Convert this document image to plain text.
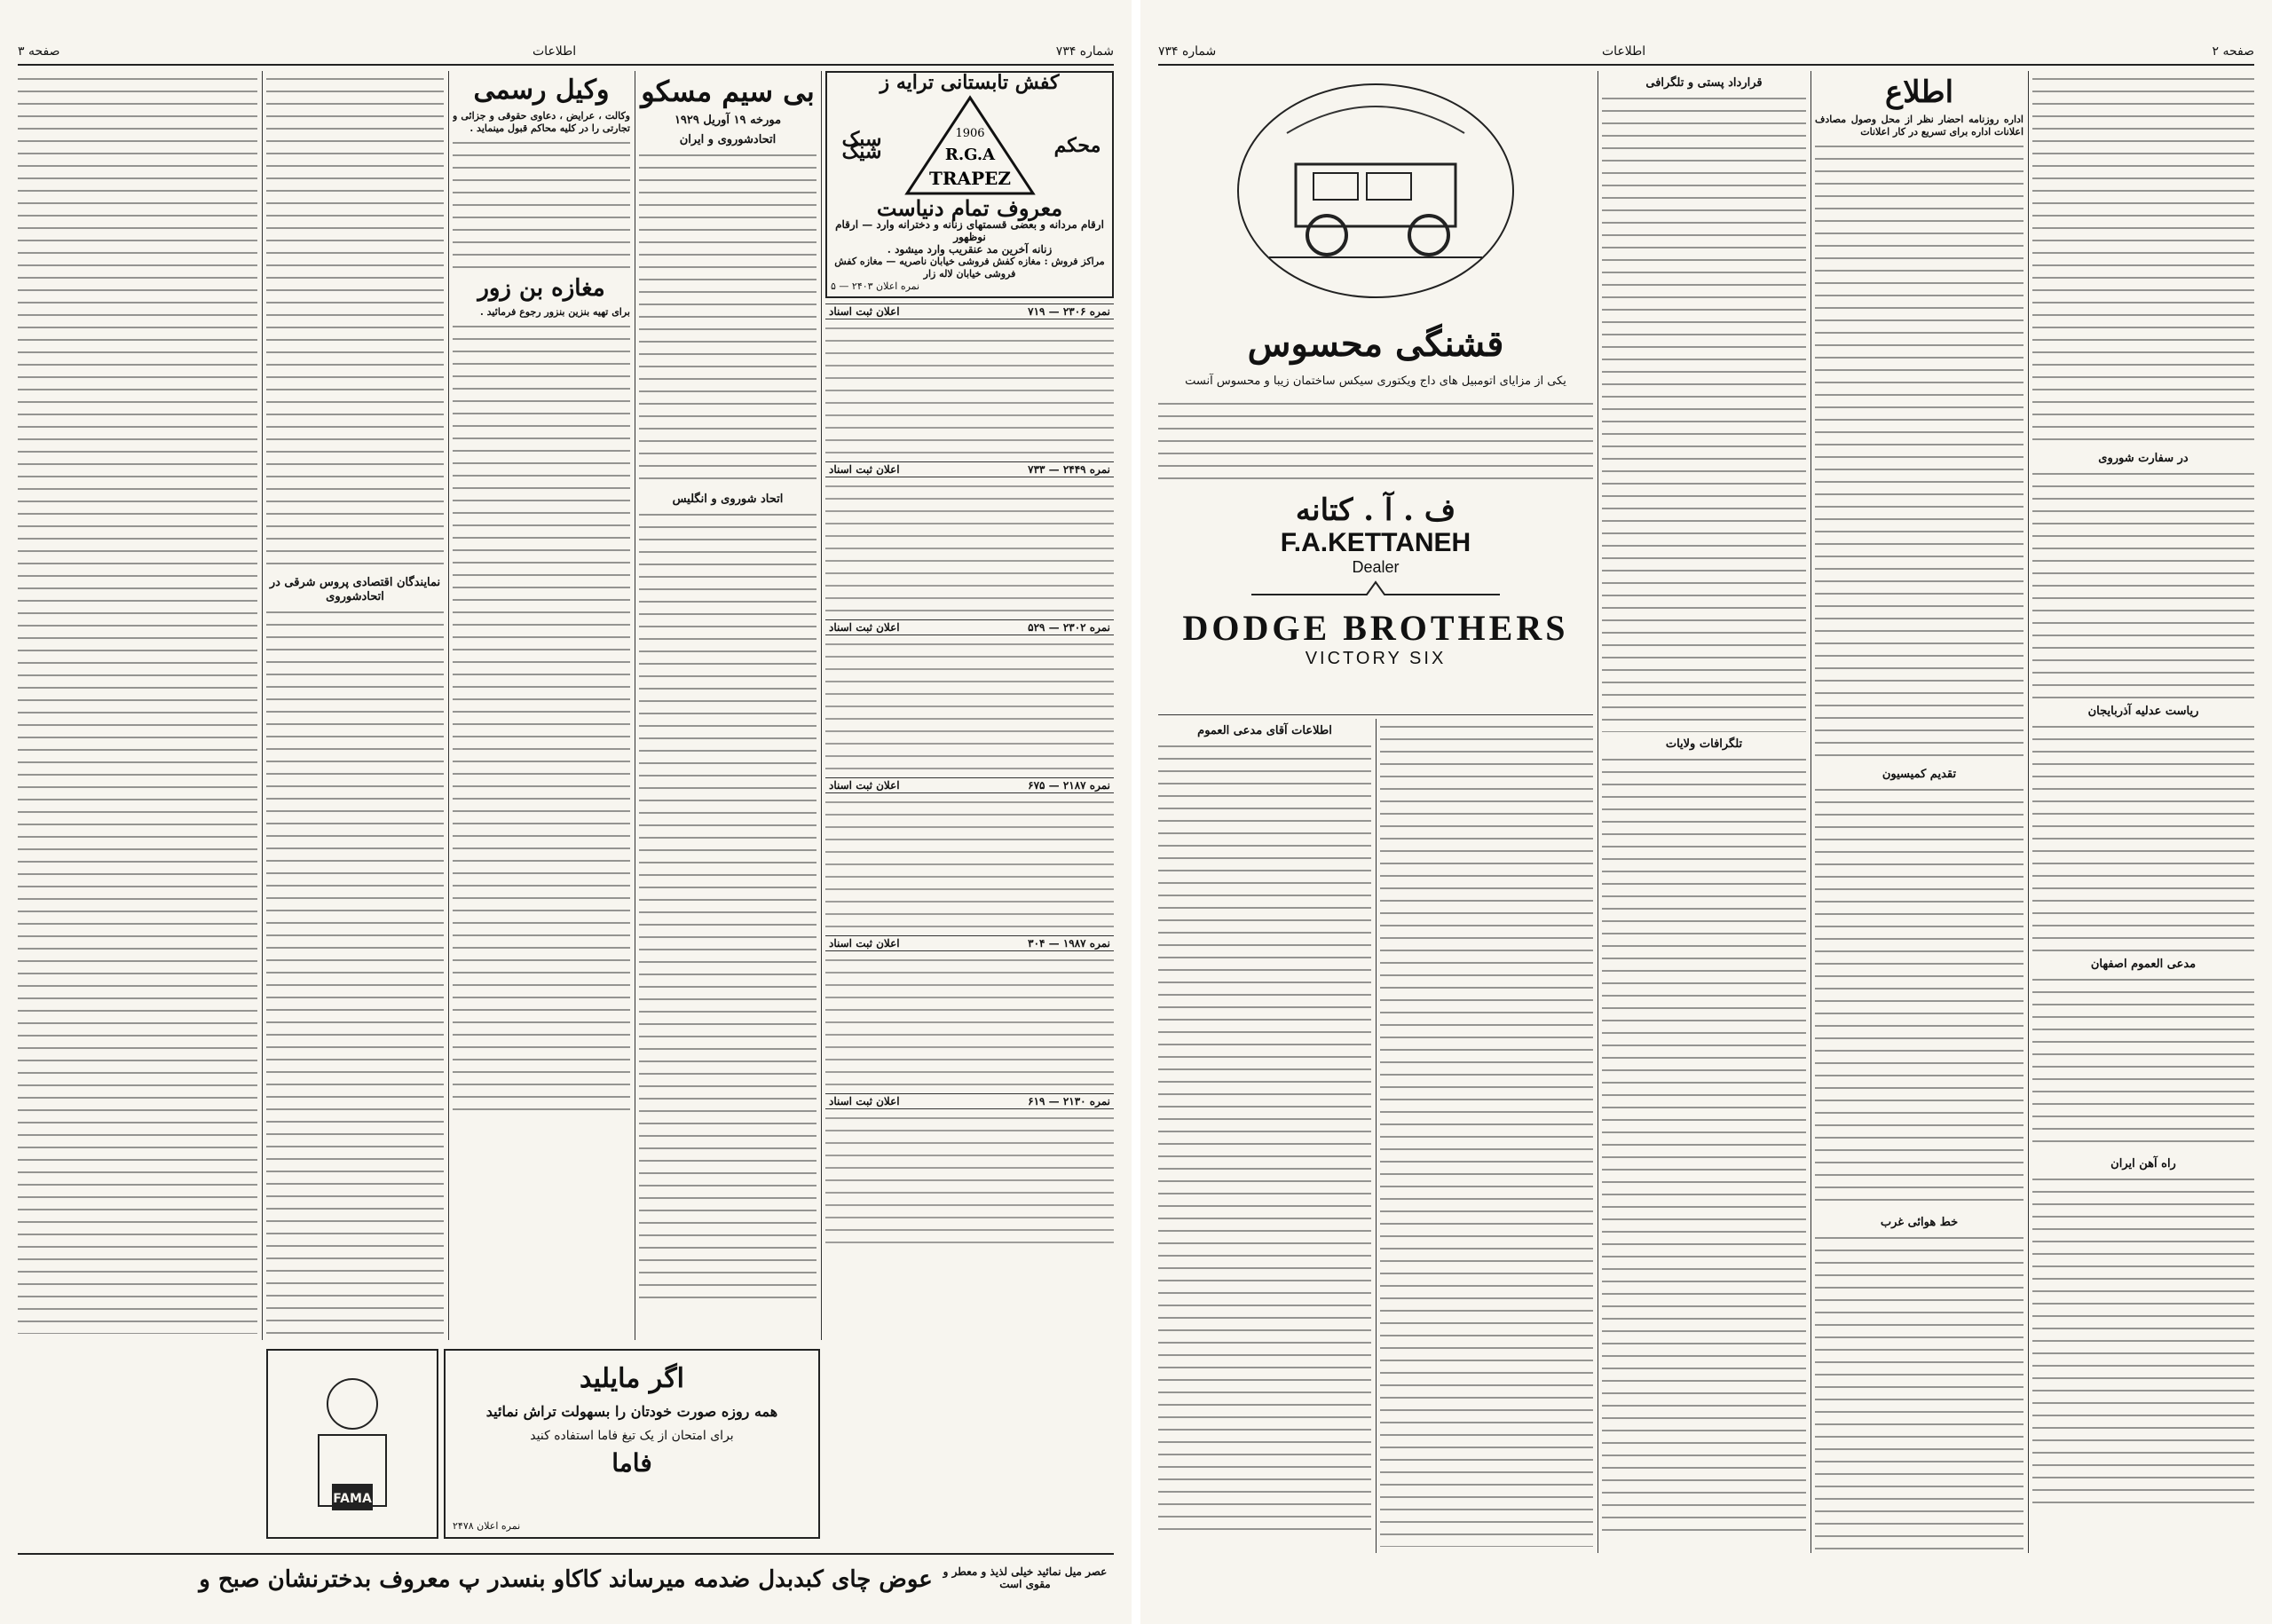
صفحه ۳	اطلاعات	شماره ۷۳۴
کفش تابستانی ترایه ز
محکم
1906
R.G.A
TRAPEZ
سبک شیک
معروف تمام دنیاست
ارقام مردانه و بعضی قسمتهای زنانه و دخترانه وارد — ارقام نوظهور
زنانه آخرین مد عنقریب وارد میشود .
مراکز فروش : مغازه کفش فروشی خیابان ناصریه — مغازه کفش فروشی خیابان لاله زار
نمره اعلان ۲۴۰۳ — ۵
نمره ۲۳۰۶ — ۷۱۹
اعلان ثبت اسناد
نمره ۲۴۴۹ — ۷۳۳
اعلان ثبت اسناد
نمره ۲۳۰۲ — ۵۲۹
اعلان ثبت اسناد
نمره ۲۱۸۷ — ۶۷۵
اعلان ثبت اسناد
نمره ۱۹۸۷ — ۳۰۴
اعلان ثبت اسناد
نمره ۲۱۳۰ — ۶۱۹
اعلان ثبت اسناد
وکیل رسمی
وکالت ، عرایض ، دعاوی حقوقی و جزائی و تجارتی را در کلیه محاکم قبول مینماید .
مغازه بن زور
برای تهیه بنزین بنزور رجوع فرمائید .
بی سیم مسکو
مورخه ۱۹ آوریل ۱۹۲۹
اتحادشوروی و ایران
اتحاد شوروی و انگلیس
نمایندگان اقتصادی پروس شرقی در اتحادشوروی
اگر مایلید
همه روزه صورت خودتان را بسهولت تراش نمائید
برای امتحان از یک تیغ فاما استفاده کنید
فاما
نمره اعلان ۲۴۷۸
FAMA
عوض چای کبدبدل ضدمه میرساند کاکاو بنسدر پ معروف بدخترنشان صبح و عصر میل نمائید خیلی لذیذ و معطر و مقوی است
شماره ۷۳۴	اطلاعات	صفحه ۲
در سفارت شوروی
ریاست عدلیه آذربایجان
مدعی العموم اصفهان
راه آهن ایران
اطلاع
اداره روزنامه احضار نظر از محل وصول مصادف اعلانات اداره برای تسریع در کار اعلانات
تقدیم کمیسیون
خط هوائی غرب
قرارداد پستی و تلگرافی
تلگرافات ولایات
قشنگی محسوس
یکی از مزایای اتومبیل های داج ویکتوری سیکس ساختمان زیبا و محسوس آنست
ف . آ . کتانه
F.A.KETTANEH
Dealer
DODGE BROTHERS
VICTORY SIX
اطلاعات آقای مدعی العموم
